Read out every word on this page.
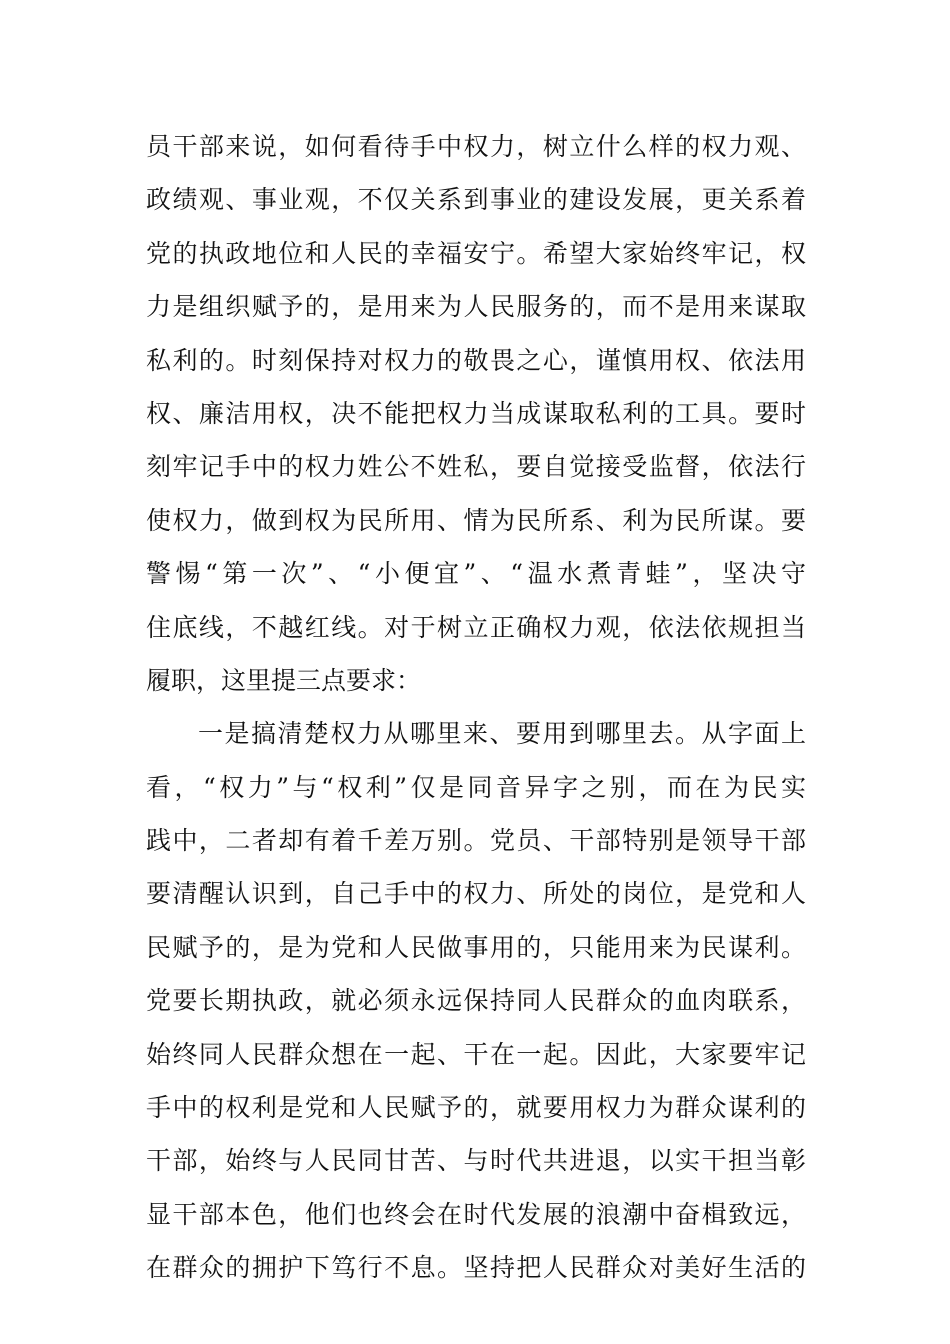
员干部来说，如何看待手中权力，树立什么样的权力观、
政绩观、事业观，不仅关系到事业的建设发展，更关系着
党的执政地位和人民的幸福安宁。希望大家始终牢记，权
力是组织赋予的，是用来为人民服务的，而不是用来谋取
私利的。时刻保持对权力的敬畏之心，谨慎用权、依法用
权、廉洁用权，决不能把权力当成谋取私利的工具。要时
刻牢记手中的权力姓公不姓私，要自觉接受监督，依法行
使权力，做到权为民所用、情为民所系、利为民所谋。要
警惕“第一次”、“小便宜”、“温水煮青蛙”，坚决守
住底线，不越红线。对于树立正确权力观，依法依规担当
履职，这里提三点要求：
一是搞清楚权力从哪里来、要用到哪里去。从字面上
看，“权力”与“权利”仅是同音异字之别，而在为民实
践中，二者却有着千差万别。党员、干部特别是领导干部
要清醒认识到，自己手中的权力、所处的岗位，是党和人
民赋予的，是为党和人民做事用的，只能用来为民谋利。
党要长期执政，就必须永远保持同人民群众的血肉联系，
始终同人民群众想在一起、干在一起。因此，大家要牢记
手中的权利是党和人民赋予的，就要用权力为群众谋利的
干部，始终与人民同甘苦、与时代共进退，以实干担当彰
显干部本色，他们也终会在时代发展的浪潮中奋楫致远，
在群众的拥护下笃行不息。坚持把人民群众对美好生活的
